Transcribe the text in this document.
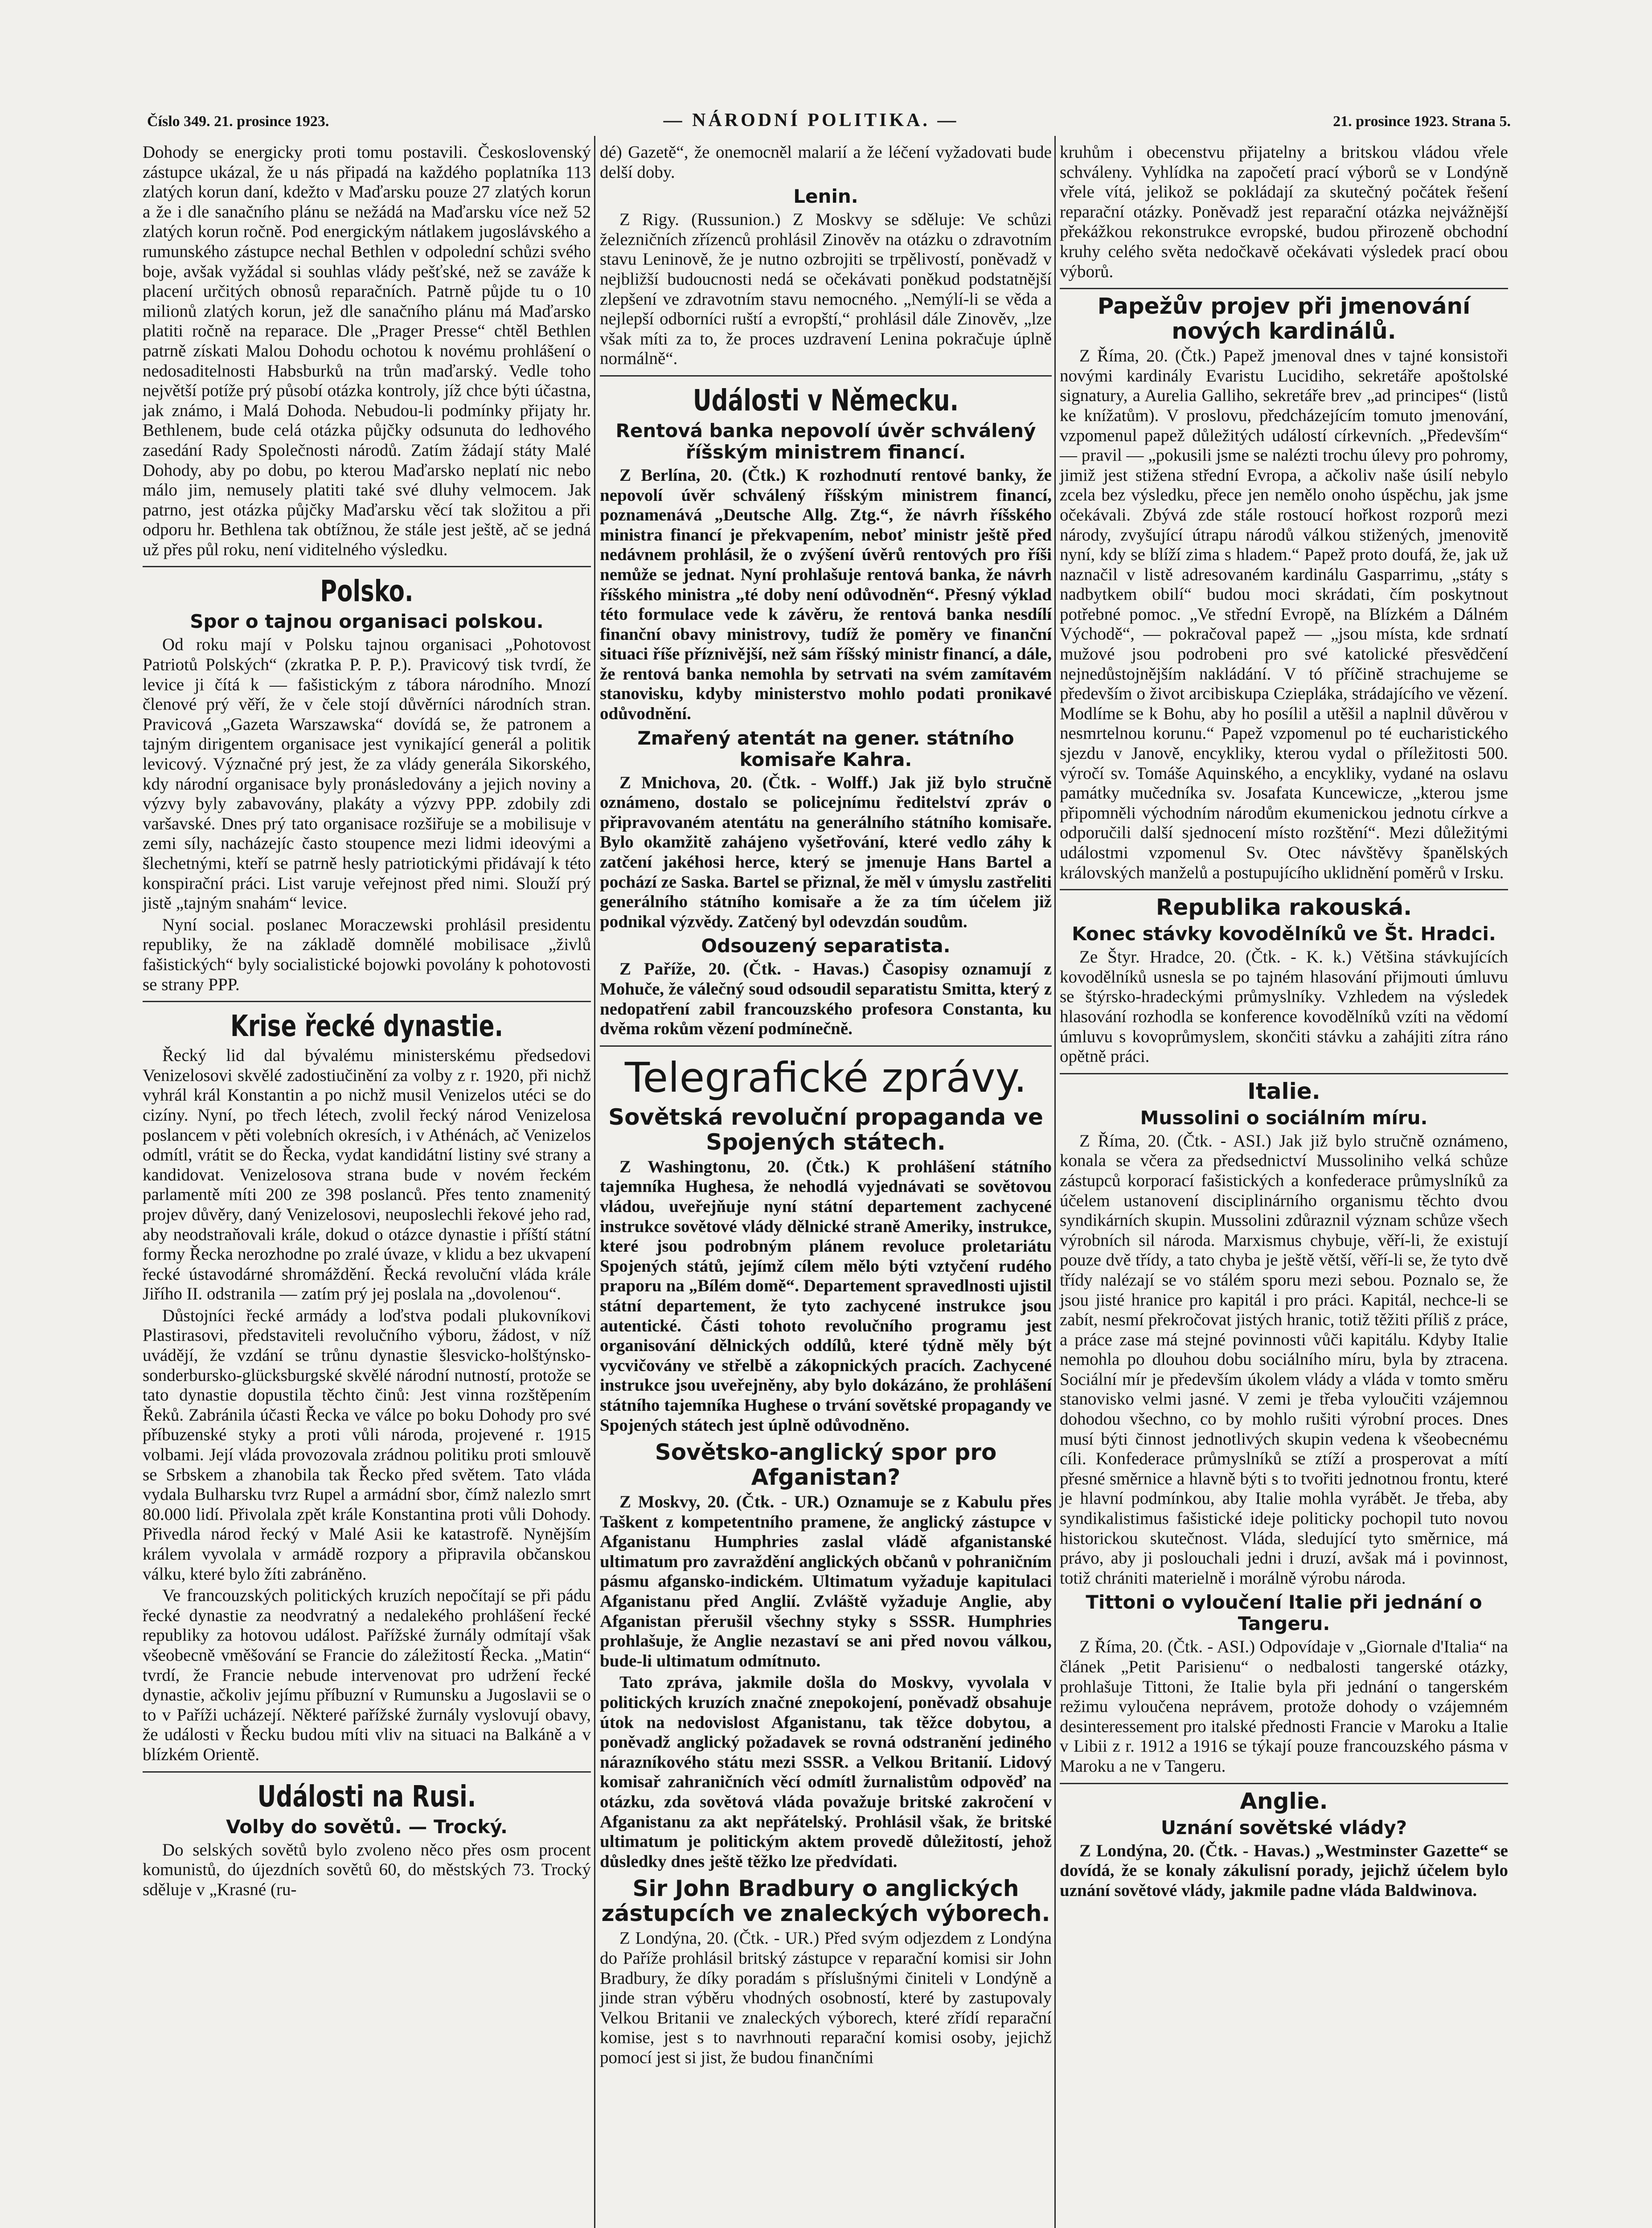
Číslo 349. 21. prosince 1923.	— NÁRODNÍ POLITIKA. —	21. prosince 1923. Strana 5.

Dohody se energicky proti tomu postavili. Československý zástupce ukázal, že u nás připadá na každého poplatníka 113 zlatých korun daní, kdežto v Maďarsku pouze 27 zlatých korun a že i dle sanačního plánu se nežádá na Maďarsku více než 52 zlatých korun ročně. Pod energickým nátlakem jugoslávského a rumunského zástupce nechal Bethlen v odpolední schůzi svého boje, avšak vyžádal si souhlas vlády pešťské, než se zaváže k placení určitých obnosů reparačních. Patrně půjde tu o 10 milionů zlatých korun, jež dle sanačního plánu má Maďarsko platiti ročně na reparace. Dle „Prager Presse“ chtěl Bethlen patrně získati Malou Dohodu ochotou k novému prohlášení o nedosaditelnosti Habsburků na trůn maďarský. Vedle toho největší potíže prý působí otázka kontroly, jíž chce býti účastna, jak známo, i Malá Dohoda. Nebudou-li podmínky přijaty hr. Bethlenem, bude celá otázka půjčky odsunuta do ledhového zasedání Rady Společnosti národů. Zatím žádají státy Malé Dohody, aby po dobu, po kterou Maďarsko neplatí nic nebo málo jim, nemusely platiti také své dluhy velmocem. Jak patrno, jest otázka půjčky Maďarsku věcí tak složitou a při odporu hr. Bethlena tak obtížnou, že stále jest ještě, ač se jedná už přes půl roku, není viditelného výsledku.

Polsko.
Spor o tajnou organisaci polskou.

Od roku mají v Polsku tajnou organisaci „Pohotovost Patriotů Polských“ (zkratka P. P. P.). Pravicový tisk tvrdí, že levice ji čítá k — fašistickým z tábora národního. Mnozí členové prý věří, že v čele stojí důvěrníci národních stran. Pravicová „Gazeta Warszawska“ dovídá se, že patronem a tajným dirigentem organisace jest vynikající generál a politik levicový. Význačné prý jest, že za vlády generála Sikorského, kdy národní organisace byly pronásledovány a jejich noviny a výzvy byly zabavovány, plakáty a výzvy PPP. zdobily zdi varšavské. Dnes prý tato organisace rozšiřuje se a mobilisuje v zemi síly, nacházejíc často stoupence mezi lidmi ideovými a šlechetnými, kteří se patrně hesly patriotickými přidávají k této konspirační práci. List varuje veřejnost před nimi. Slouží prý jistě „tajným snahám“ levice.

Nyní social. poslanec Moraczewski prohlásil presidentu republiky, že na základě domnělé mobilisace „živlů fašistických“ byly socialistické bojowki povolány k pohotovosti se strany PPP.

Krise řecké dynastie.

Řecký lid dal bývalému ministerskému předsedovi Venizelosovi skvělé zadostiučinění za volby z r. 1920, při nichž vyhrál král Konstantin a po nichž musil Venizelos utéci se do cizíny. Nyní, po třech létech, zvolil řecký národ Venizelosa poslancem v pěti volebních okresích, i v Athénách, ač Venizelos odmítl, vrátit se do Řecka, vydat kandidátní listiny své strany a kandidovat. Venizelosova strana bude v novém řeckém parlamentě míti 200 ze 398 poslanců. Přes tento znamenitý projev důvěry, daný Venizelosovi, neuposlechli řekové jeho rad, aby neodstraňovali krále, dokud o otázce dynastie i příští státní formy Řecka nerozhodne po zralé úvaze, v klidu a bez ukvapení řecké ústavodárné shromáždění. Řecká revoluční vláda krále Jiřího II. odstranila — zatím prý jej poslala na „dovolenou“.

Důstojníci řecké armády a loďstva podali plukovníkovi Plastirasovi, představiteli revolučního výboru, žádost, v níž uvádějí, že vzdání se trůnu dynastie šlesvicko-holštýnsko-sonderbursko-glücksburgské skvělé národní nutností, protože se tato dynastie dopustila těchto činů: Jest vinna rozštěpením Řeků. Zabránila účasti Řecka ve válce po boku Dohody pro své příbuzenské styky a proti vůli národa, projevené r. 1915 volbami. Její vláda provozovala zrádnou politiku proti smlouvě se Srbskem a zhanobila tak Řecko před světem. Tato vláda vydala Bulharsku tvrz Rupel a armádní sbor, čímž nalezlo smrt 80.000 lidí. Přivolala zpět krále Konstantina proti vůli Dohody. Přivedla národ řecký v Malé Asii ke katastrofě. Nynějším králem vyvolala v armádě rozpory a připravila občanskou válku, které bylo žíti zabráněno.

Ve francouzských politických kruzích nepočítají se při pádu řecké dynastie za neodvratný a nedalekého prohlášení řecké republiky za hotovou událost. Pařížské žurnály odmítají však všeobecně vměšování se Francie do záležitostí Řecka. „Matin“ tvrdí, že Francie nebude intervenovat pro udržení řecké dynastie, ačkoliv jejímu příbuzní v Rumunsku a Jugoslavii se o to v Paříži ucházejí. Některé pařížské žurnály vyslovují obavy, že události v Řecku budou míti vliv na situaci na Balkáně a v blízkém Orientě.

Události na Rusi.
Volby do sovětů. — Trocký.

Do selských sovětů bylo zvoleno něco přes osm procent komunistů, do újezdních sovětů 60, do městských 73. Trocký sděluje v „Krasné (ru-

dé) Gazetě“, že onemocněl malarií a že léčení vyžadovati bude delší doby.

Lenin.

Z Rigy. (Russunion.) Z Moskvy se sděluje: Ve schůzi železničních zřízenců prohlásil Zinověv na otázku o zdravotním stavu Leninově, že je nutno ozbrojiti se trpělivostí, poněvadž v nejbližší budoucnosti nedá se očekávati poněkud podstatnější zlepšení ve zdravotním stavu nemocného. „Nemýlí-li se věda a nejlepší odborníci ruští a evropští,“ prohlásil dále Zinověv, „lze však míti za to, že proces uzdravení Lenina pokračuje úplně normálně“.

Události v Německu.
Rentová banka nepovolí úvěr schválený říšským ministrem financí.

Z Berlína, 20. (Čtk.) K rozhodnutí rentové banky, že nepovolí úvěr schválený říšským ministrem financí, poznamenává „Deutsche Allg. Ztg.“, že návrh říšského ministra financí je překvapením, neboť ministr ještě před nedávnem prohlásil, že o zvýšení úvěrů rentových pro říši nemůže se jednat. Nyní prohlašuje rentová banka, že návrh říšského ministra „té doby není odůvodněn“. Přesný výklad této formulace vede k závěru, že rentová banka nesdílí finanční obavy ministrovy, tudíž že poměry ve finanční situaci říše příznivější, než sám říšský ministr financí, a dále, že rentová banka nemohla by setrvati na svém zamítavém stanovisku, kdyby ministerstvo mohlo podati pronikavé odůvodnění.

Zmařený atentát na gener. státního komisaře Kahra.

Z Mnichova, 20. (Čtk. - Wolff.) Jak již bylo stručně oznámeno, dostalo se policejnímu ředitelství zpráv o připravovaném atentátu na generálního státního komisaře. Bylo okamžitě zahájeno vyšetřování, které vedlo záhy k zatčení jakéhosi herce, který se jmenuje Hans Bartel a pochází ze Saska. Bartel se přiznal, že měl v úmyslu zastřeliti generálního státního komisaře a že za tím účelem již podnikal výzvědy. Zatčený byl odevzdán soudům.

Odsouzený separatista.

Z Paříže, 20. (Čtk. - Havas.) Časopisy oznamují z Mohuče, že válečný soud odsoudil separatistu Smitta, který z nedopatření zabil francouzského profesora Constanta, ku dvěma rokům vězení podmínečně.

Telegrafické zprávy.
Sovětská revoluční propaganda ve Spojených státech.

Z Washingtonu, 20. (Čtk.) K prohlášení státního tajemníka Hughesa, že nehodlá vyjednávati se sovětovou vládou, uveřejňuje nyní státní departement zachycené instrukce sovětové vlády dělnické straně Ameriky, instrukce, které jsou podrobným plánem revoluce proletariátu Spojených států, jejímž cílem mělo býti vztyčení rudého praporu na „Bílém domě“. Departement spravedlnosti ujistil státní departement, že tyto zachycené instrukce jsou autentické. Části tohoto revolučního programu jest organisování dělnických oddílů, které týdně měly být vycvičovány ve střelbě a zákopnických pracích. Zachycené instrukce jsou uveřejněny, aby bylo dokázáno, že prohlášení státního tajemníka Hughese o trvání sovětské propagandy ve Spojených státech jest úplně odůvodněno.

Sovětsko-anglický spor pro Afganistan?

Z Moskvy, 20. (Čtk. - UR.) Oznamuje se z Kabulu přes Taškent z kompetentního pramene, že anglický zástupce v Afganistanu Humphries zaslal vládě afganistanské ultimatum pro zavraždění anglických občanů v pohraničním pásmu afgansko-indickém. Ultimatum vyžaduje kapitulaci Afganistanu před Anglií. Zvláště vyžaduje Anglie, aby Afganistan přerušil všechny styky s SSSR. Humphries prohlašuje, že Anglie nezastaví se ani před novou válkou, bude-li ultimatum odmítnuto.

Tato zpráva, jakmile došla do Moskvy, vyvolala v politických kruzích značné znepokojení, poněvadž obsahuje útok na nedovislost Afganistanu, tak těžce dobytou, a poněvadž anglický požadavek se rovná odstranění jediného nárazníkového státu mezi SSSR. a Velkou Britanií. Lidový komisař zahraničních věcí odmítl žurnalistům odpověď na otázku, zda sovětová vláda považuje britské zakročení v Afganistanu za akt nepřátelský. Prohlásil však, že britské ultimatum je politickým aktem provedě důležitostí, jehož důsledky dnes ještě těžko lze předvídati.

Sir John Bradbury o anglických zástupcích ve znaleckých výborech.

Z Londýna, 20. (Čtk. - UR.) Před svým odjezdem z Londýna do Paříže prohlásil britský zástupce v reparační komisi sir John Bradbury, že díky poradám s příslušnými činiteli v Londýně a jinde stran výběru vhodných osobností, které by zastupovaly Velkou Britanii ve znaleckých výborech, které zřídí reparační komise, jest s to navrhnouti reparační komisi osoby, jejichž pomocí jest si jist, že budou finančními

kruhům i obecenstvu přijatelny a britskou vládou vřele schváleny. Vyhlídka na započetí prací výborů se v Londýně vřele vítá, jelikož se pokládají za skutečný počátek řešení reparační otázky. Poněvadž jest reparační otázka nejvážnější překážkou rekonstrukce evropské, budou přirozeně obchodní kruhy celého světa nedočkavě očekávati výsledek prací obou výborů.

Papežův projev při jmenování nových kardinálů.

Z Říma, 20. (Čtk.) Papež jmenoval dnes v tajné konsistoři novými kardinály Evaristu Lucidiho, sekretáře apoštolské signatury, a Aurelia Galliho, sekretáře brev „ad principes“ (listů ke knížatům). V proslovu, předcházejícím tomuto jmenování, vzpomenul papež důležitých událostí církevních. „Především“ — pravil — „pokusili jsme se nalézti trochu úlevy pro pohromy, jimiž jest stižena střední Evropa, a ačkoliv naše úsilí nebylo zcela bez výsledku, přece jen nemělo onoho úspěchu, jak jsme očekávali. Zbývá zde stále rostoucí hořkost rozporů mezi národy, zvyšující útrapu národů válkou stižených, jmenovitě nyní, kdy se blíží zima s hladem.“ Papež proto doufá, že, jak už naznačil v listě adresovaném kardinálu Gasparrimu, „státy s nadbytkem obilí“ budou moci skrádati, čím poskytnout potřebné pomoc. „Ve střední Evropě, na Blízkém a Dálném Východě“, — pokračoval papež — „jsou místa, kde srdnatí mužové jsou podrobeni pro své katolické přesvědčení nejnedůstojnějším nakládání. V tó příčině strachujeme se především o život arcibiskupa Cziepláka, strádajícího ve vězení. Modlíme se k Bohu, aby ho posílil a utěšil a naplnil důvěrou v nesmrtelnou korunu.“ Papež vzpomenul po té eucharistického sjezdu v Janově, encykliky, kterou vydal o příležitosti 500. výročí sv. Tomáše Aquinského, a encykliky, vydané na oslavu památky mučedníka sv. Josafata Kuncewicze, „kterou jsme připomněli východním národům ekumenickou jednotu církve a odporučili další sjednocení místo rozštění“. Mezi důležitými událostmi vzpomenul Sv. Otec návštěvy španělských královských manželů a postupujícího uklidnění poměrů v Irsku.

Republika rakouská.
Konec stávky kovodělníků ve Št. Hradci.

Ze Štyr. Hradce, 20. (Čtk. - K. k.) Většina stávkujících kovodělníků usnesla se po tajném hlasování přijmouti úmluvu se štýrsko-hradeckými průmyslníky. Vzhledem na výsledek hlasování rozhodla se konference kovodělníků vzíti na vědomí úmluvu s kovoprůmyslem, skončiti stávku a zahájiti zítra ráno opětně práci.

Italie.
Mussolini o sociálním míru.

Z Říma, 20. (Čtk. - ASI.) Jak již bylo stručně oznámeno, konala se včera za předsednictví Mussoliniho velká schůze zástupců korporací fašistických a konfederace průmyslníků za účelem ustanovení disciplinárního organismu těchto dvou syndikárních skupin. Mussolini zdůraznil význam schůze všech výrobních sil národa. Marxismus chybuje, věří-li, že existují pouze dvě třídy, a tato chyba je ještě větší, věří-li se, že tyto dvě třídy nalézají se vo stálém sporu mezi sebou. Poznalo se, že jsou jisté hranice pro kapitál i pro práci. Kapitál, nechce-li se zabít, nesmí překročovat jistých hranic, totiž těžiti příliš z práce, a práce zase má stejné povinnosti vůči kapitálu. Kdyby Italie nemohla po dlouhou dobu sociálního míru, byla by ztracena. Sociální mír je především úkolem vlády a vláda v tomto směru stanovisko velmi jasné. V zemi je třeba vyloučiti vzájemnou dohodou všechno, co by mohlo rušiti výrobní proces. Dnes musí býti činnost jednotlivých skupin vedena k všeobecnému cíli. Konfederace průmyslníků se ztíží a prosperovat a mítí přesné směrnice a hlavně býti s to tvořiti jednotnou frontu, které je hlavní podmínkou, aby Italie mohla vyrábět. Je třeba, aby syndikalistimus fašistické ideje politicky pochopil tuto novou historickou skutečnost. Vláda, sledující tyto směrnice, má právo, aby ji poslouchali jedni i druzí, avšak má i povinnost, totiž chrániti materielně i morálně výrobu národa.

Tittoni o vyloučení Italie při jednání o Tangeru.

Z Říma, 20. (Čtk. - ASI.) Odpovídaje v „Giornale d'Italia“ na článek „Petit Parisienu“ o nedbalosti tangerské otázky, prohlašuje Tittoni, že Italie byla při jednání o tangerském režimu vyloučena neprávem, protože dohody o vzájemném desinteressement pro italské přednosti Francie v Maroku a Italie v Libii z r. 1912 a 1916 se týkají pouze francouzského pásma v Maroku a ne v Tangeru.

Anglie.
Uznání sovětské vlády?

Z Londýna, 20. (Čtk. - Havas.) „Westminster Gazette“ se dovídá, že se konaly zákulisní porady, jejichž účelem bylo uznání sovětové vlády, jakmile padne vláda Baldwinova.
